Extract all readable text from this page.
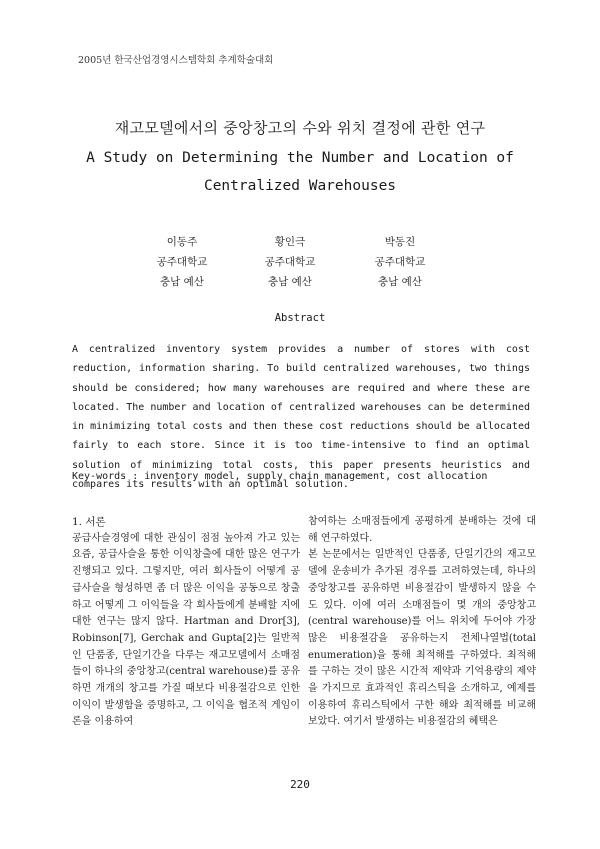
2005년 한국산업경영시스템학회 추계학술대회
재고모델에서의 중앙창고의 수와 위치 결정에 관한 연구
A Study on Determining the Number and Location of Centralized Warehouses
이동주
공주대학교
충남 예산
황인극
공주대학교
충남 예산
박동진
공주대학교
충남 예산
Abstract

A centralized inventory system provides a number of stores with cost reduction, information sharing. To build centralized warehouses, two things should be considered; how many warehouses are required and where these are located. The number and location of centralized warehouses can be determined in minimizing total costs and then these cost reductions should be allocated fairly to each store. Since it is too time-intensive to find an optimal solution of minimizing total costs, this paper presents heuristics and compares its results with an optimal solution.

Key-words : inventory model, supply chain management, cost allocation

1. 서론

공급사슬경영에 대한 관심이 점점 높아져 가고 있는 요즘, 공급사슬을 통한 이익창출에 대한 많은 연구가 진행되고 있다. 그렇지만, 여러 회사들이 어떻게 공급사슬을 형성하면 좀 더 많은 이익을 공동으로 창출하고 어떻게 그 이익들을 각 회사들에게 분배할 지에 대한 연구는 많지 않다. Hartman and Dror[3], Robinson[7], Gerchak and Gupta[2]는 일반적인 단품종, 단일기간을 다루는 재고모델에서 소매점들이 하나의 중앙창고(central warehouse)를 공유하면 개개의 창고를 가질 때보다 비용절감으로 인한 이익이 발생함을 증명하고, 그 이익을 협조적 게임이론을 이용하여

참여하는 소매점들에게 공평하게 분배하는 것에 대해 연구하였다.

본 논문에서는 일반적인 단품종, 단일기간의 재고모델에 운송비가 추가된 경우를 고려하였는데, 하나의 중앙창고를 공유하면 비용절감이 발생하지 않을 수도 있다. 이에 여러 소매점들이 몇 개의 중앙창고(central warehouse)를 어느 위치에 두어야 가장 많은 비용절감을 공유하는지 전체나열법(total enumeration)을 통해 최적해를 구하였다. 최적해를 구하는 것이 많은 시간적 제약과 기억용량의 제약을 가지므로 효과적인 휴리스틱을 소개하고, 예제를 이용하여 휴리스틱에서 구한 해와 최적해를 비교해 보았다. 여기서 발생하는 비용절감의 혜택은

220
